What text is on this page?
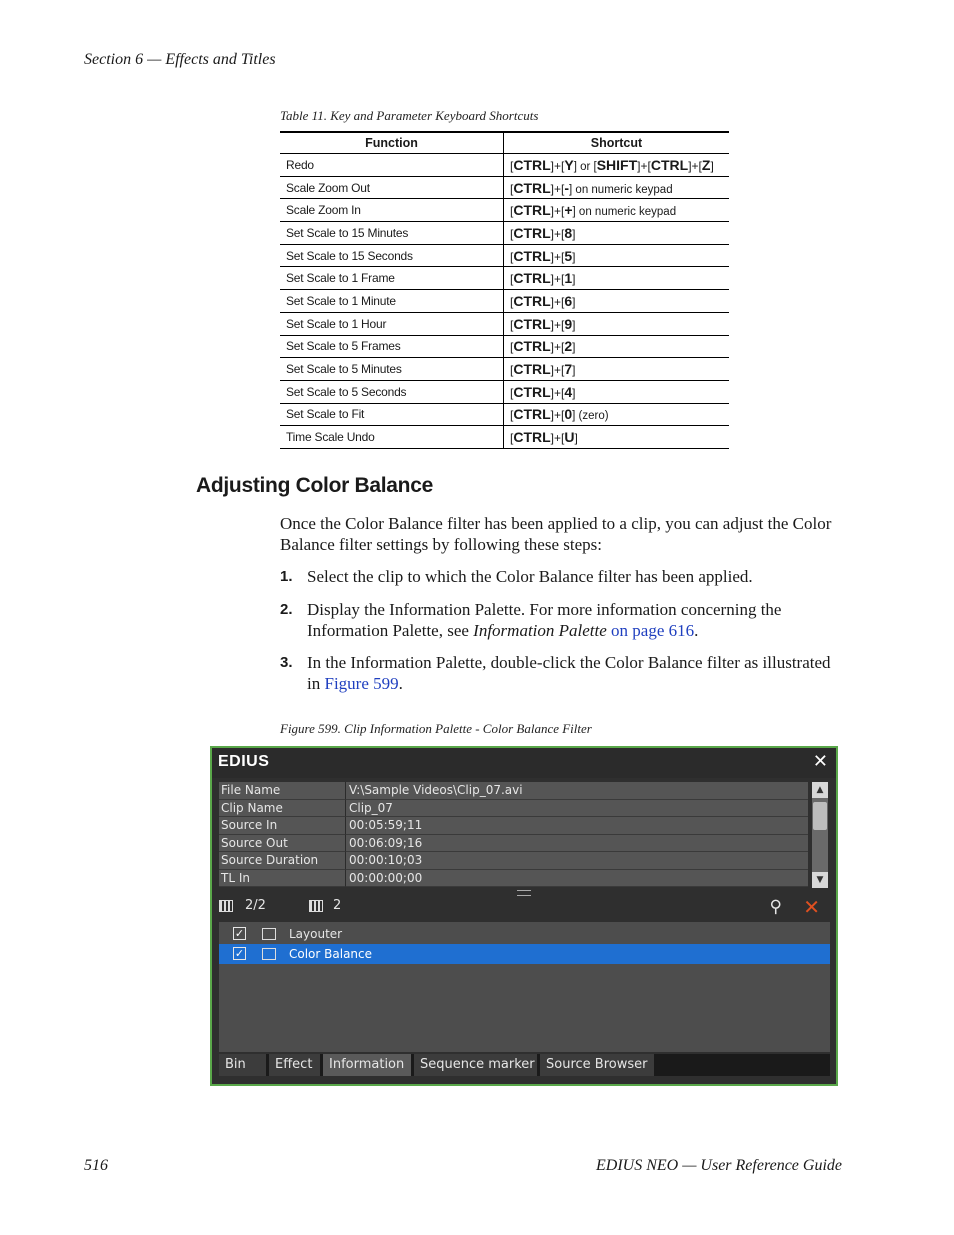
Section 6 — Effects and Titles
Table 11. Key and Parameter Keyboard Shortcuts
Function	Shortcut
Redo	[CTRL]+[Y] or [SHIFT]+[CTRL]+[Z]
Scale Zoom Out	[CTRL]+[-] on numeric keypad
Scale Zoom In	[CTRL]+[+] on numeric keypad
Set Scale to 15 Minutes	[CTRL]+[8]
Set Scale to 15 Seconds	[CTRL]+[5]
Set Scale to 1 Frame	[CTRL]+[1]
Set Scale to 1 Minute	[CTRL]+[6]
Set Scale to 1 Hour	[CTRL]+[9]
Set Scale to 5 Frames	[CTRL]+[2]
Set Scale to 5 Minutes	[CTRL]+[7]
Set Scale to 5 Seconds	[CTRL]+[4]
Set Scale to Fit	[CTRL]+[0] (zero)
Time Scale Undo	[CTRL]+[U]
Adjusting Color Balance
Once the Color Balance filter has been applied to a clip, you can adjust the Color Balance filter settings by following these steps:
1. Select the clip to which the Color Balance filter has been applied.
2. Display the Information Palette. For more information concerning the Information Palette, see Information Palette on page 616.
3. In the Information Palette, double-click the Color Balance filter as illustrated in Figure 599.
Figure 599. Clip Information Palette - Color Balance Filter
EDIUS	✕
File Name	V:\Sample Videos\Clip_07.avi
Clip Name	Clip_07
Source In	00:05:59;11
Source Out	00:06:09;16
Source Duration	00:00:10;03
TL In	00:00:00;00
▲
▼
2/2	2	⚲ ✕
✓	Layouter
✓	Color Balance
Bin	Effect	Information	Sequence marker Source Browser
516	EDIUS NEO — User Reference Guide
